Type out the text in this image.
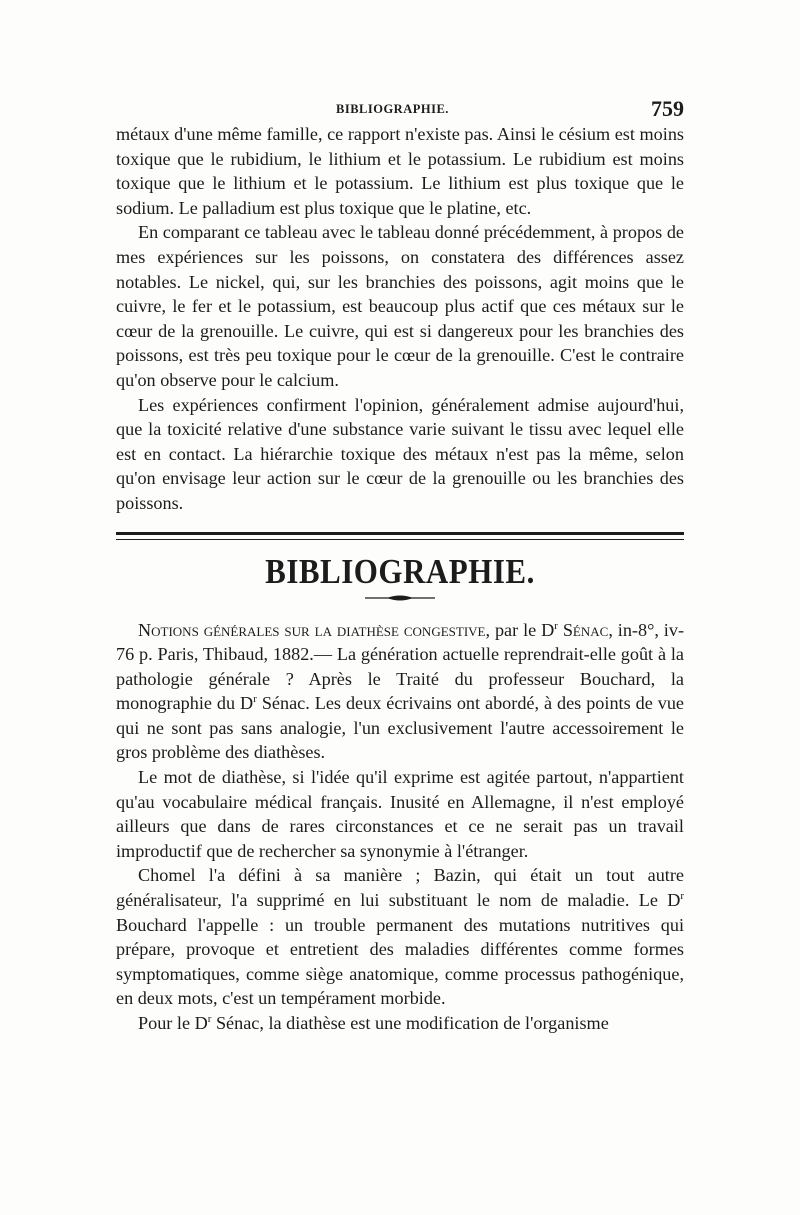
BIBLIOGRAPHIE.	759

métaux d'une même famille, ce rapport n'existe pas. Ainsi le césium est moins toxique que le rubidium, le lithium et le potassium. Le rubidium est moins toxique que le lithium et le potassium. Le lithium est plus toxique que le sodium. Le palladium est plus toxique que le platine, etc.

En comparant ce tableau avec le tableau donné précédemment, à propos de mes expériences sur les poissons, on constatera des différences assez notables. Le nickel, qui, sur les branchies des poissons, agit moins que le cuivre, le fer et le potassium, est beaucoup plus actif que ces métaux sur le cœur de la grenouille. Le cuivre, qui est si dangereux pour les branchies des poissons, est très peu toxique pour le cœur de la grenouille. C'est le contraire qu'on observe pour le calcium.

Les expériences confirment l'opinion, généralement admise aujourd'hui, que la toxicité relative d'une substance varie suivant le tissu avec lequel elle est en contact. La hiérarchie toxique des métaux n'est pas la même, selon qu'on envisage leur action sur le cœur de la grenouille ou les branchies des poissons.

BIBLIOGRAPHIE.

Notions générales sur la diathèse congestive, par le $D^r$ Sénac, in-8°, iv-76 p. Paris, Thibaud, 1882.— La génération actuelle reprendrait-elle goût à la pathologie générale ? Après le Traité du professeur Bouchard, la monographie du $D^r$ Sénac. Les deux écrivains ont abordé, à des points de vue qui ne sont pas sans analogie, l'un exclusivement l'autre accessoirement le gros problème des diathèses.

Le mot de diathèse, si l'idée qu'il exprime est agitée partout, n'appartient qu'au vocabulaire médical français. Inusité en Allemagne, il n'est employé ailleurs que dans de rares circonstances et ce ne serait pas un travail improductif que de rechercher sa synonymie à l'étranger.

Chomel l'a défini à sa manière ; Bazin, qui était un tout autre généralisateur, l'a supprimé en lui substituant le nom de maladie. Le $D^r$ Bouchard l'appelle : un trouble permanent des mutations nutritives qui prépare, provoque et entretient des maladies différentes comme formes symptomatiques, comme siège anatomique, comme processus pathogénique, en deux mots, c'est un tempérament morbide.

Pour le $D^r$ Sénac, la diathèse est une modification de l'organisme
